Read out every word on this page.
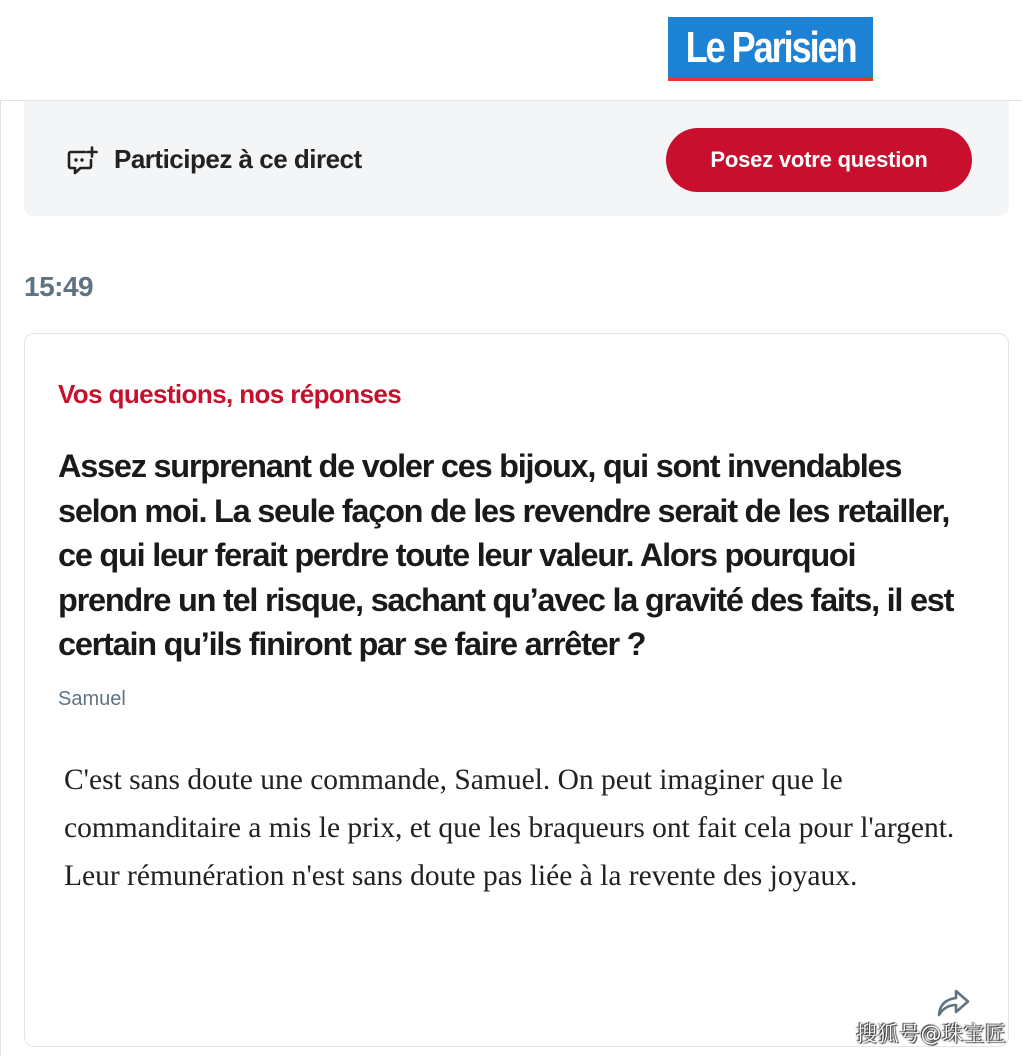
Le Parisien
Participez à ce direct	Posez votre question
15:49
Vos questions, nos réponses

Assez surprenant de voler ces bijoux, qui sont invendables selon moi. La seule façon de les revendre serait de les retailler, ce qui leur ferait perdre toute leur valeur. Alors pourquoi prendre un tel risque, sachant qu’avec la gravité des faits, il est certain qu’ils finiront par se faire arrêter ?

Samuel

C'est sans doute une commande, Samuel. On peut imaginer que le commanditaire a mis le prix, et que les braqueurs ont fait cela pour l'argent. Leur rémunération n'est sans doute pas liée à la revente des joyaux.

搜狐号@珠宝匠
